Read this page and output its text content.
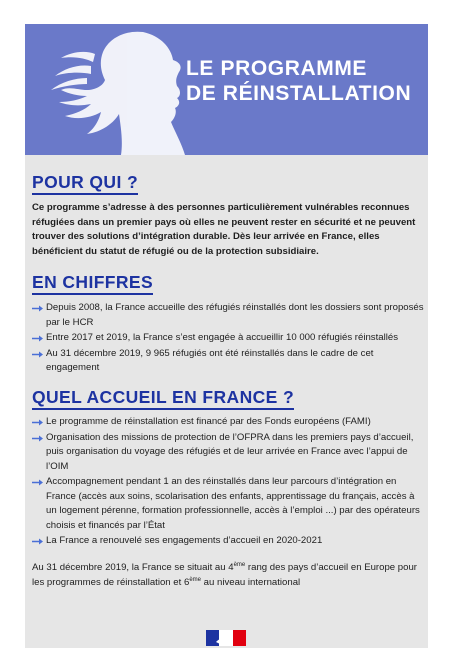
LE PROGRAMME
DE RÉINSTALLATION
POUR QUI ?
Ce programme s’adresse à des personnes particulièrement vulnérables reconnues réfugiées dans un premier pays où elles ne peuvent rester en sécurité et ne peuvent trouver des solutions d’intégration durable. Dès leur arrivée en France, elles bénéficient du statut de réfugié ou de la protection subsidiaire.
EN CHIFFRES
Depuis 2008, la France accueille des réfugiés réinstallés dont les dossiers sont proposés par le HCR
Entre 2017 et 2019, la France s’est engagée à accueillir 10 000 réfugiés réinstallés
Au 31 décembre 2019, 9 965 réfugiés ont été réinstallés dans le cadre de cet engagement
QUEL ACCUEIL EN FRANCE ?
Le programme de réinstallation est financé par des Fonds européens (FAMI)
Organisation des missions de protection de l’OFPRA dans les premiers pays d’accueil, puis organisation du voyage des réfugiés et de leur arrivée en France avec l’appui de l’OIM
Accompagnement pendant 1 an des réinstallés dans leur parcours d’intégration en France (accès aux soins, scolarisation des enfants, apprentissage du français, accès à un logement pérenne, formation professionnelle, accès à l’emploi ...) par des opérateurs choisis et financés par l’État
La France a renouvelé ses engagements d’accueil en 2020-2021
Au 31 décembre 2019, la France se situait au 4ème rang des pays d’accueil en Europe pour les programmes de réinstallation et 6ème au niveau international
